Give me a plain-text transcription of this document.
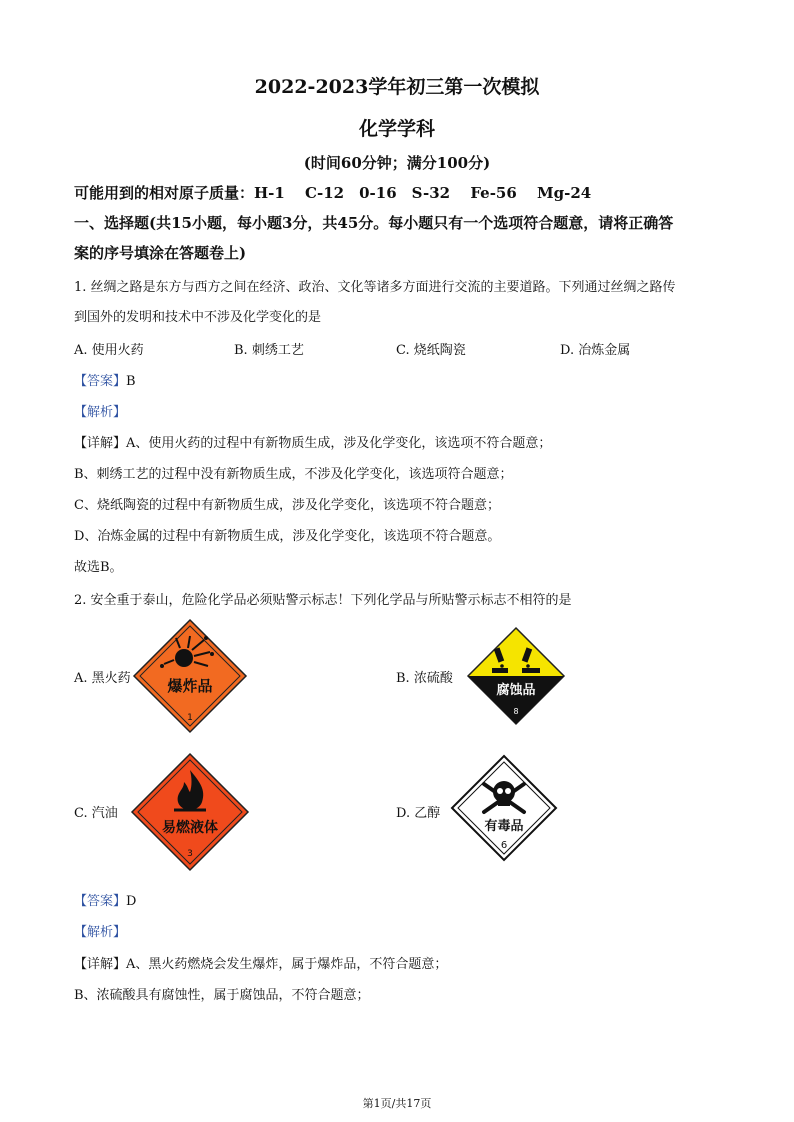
2022-2023学年初三第一次模拟
化学学科
(时间60分钟；满分100分)
可能用到的相对原子质量：H-1　 C-12　0-16　S-32　 Fe-56　 Mg-24
一、选择题(共15小题，每小题3分，共45分。每小题只有一个选项符合题意，请将正确答
案的序号填涂在答题卷上)
1. 丝绸之路是东方与西方之间在经济、政治、文化等诸多方面进行交流的主要道路。下列通过丝绸之路传
到国外的发明和技术中不涉及化学变化的是
A. 使用火药	B. 刺绣工艺	C. 烧纸陶瓷	D. 冶炼金属
【答案】B
【解析】
【详解】A、使用火药的过程中有新物质生成，涉及化学变化，该选项不符合题意；
B、刺绣工艺的过程中没有新物质生成，不涉及化学变化，该选项符合题意；
C、烧纸陶瓷的过程中有新物质生成，涉及化学变化，该选项不符合题意；
D、冶炼金属的过程中有新物质生成，涉及化学变化，该选项不符合题意。
故选B。
2. 安全重于泰山，危险化学品必须贴警示标志！下列化学品与所贴警示标志不相符的是
A. 黑火药 爆炸品
1
B. 浓硫酸
腐蚀品
8
C. 汽油
易燃液体
3
D. 乙醇
有毒品
6
【答案】D
【解析】
【详解】A、黑火药燃烧会发生爆炸，属于爆炸品，不符合题意；
B、浓硫酸具有腐蚀性，属于腐蚀品，不符合题意；
第1页/共17页
